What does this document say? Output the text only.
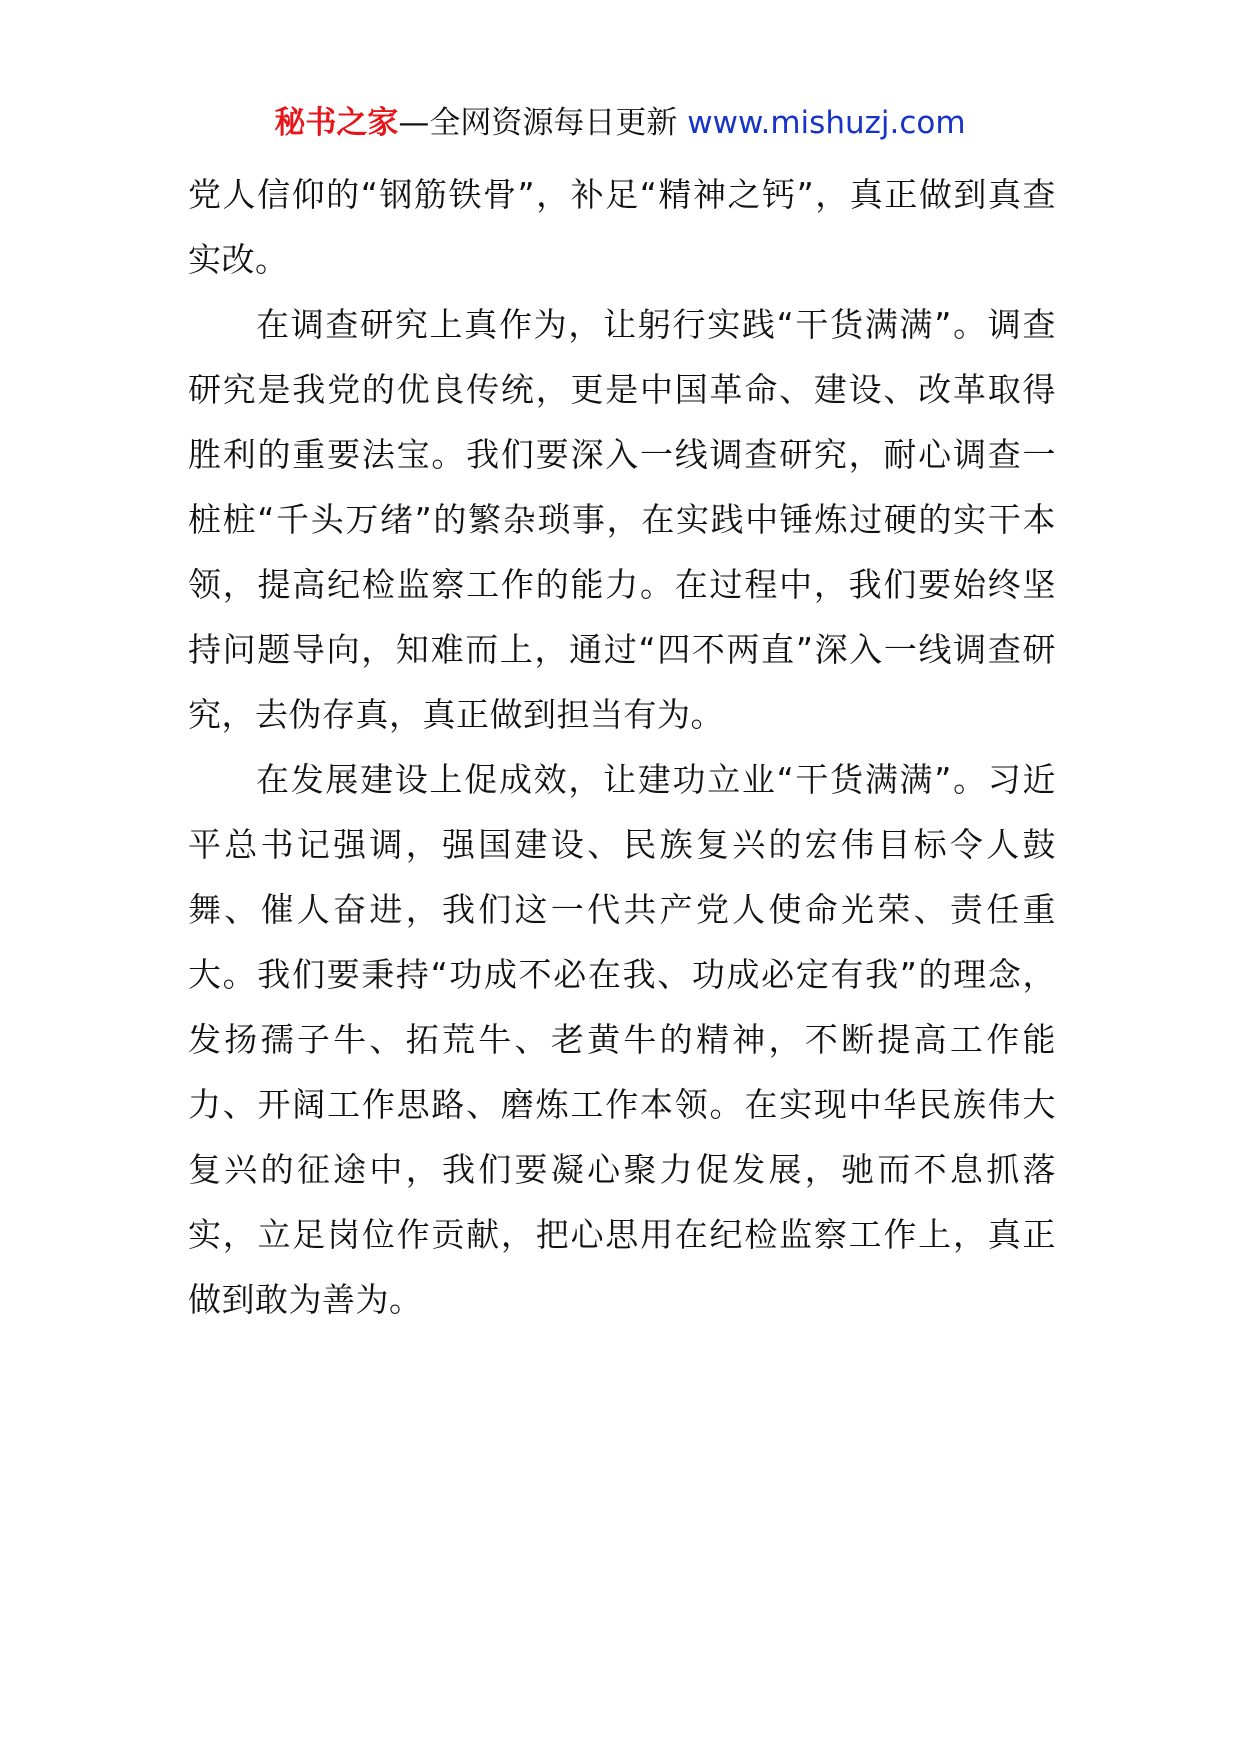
秘书之家—全网资源每日更新 www.mishuzj.com

党人信仰的“钢筋铁骨”，补足“精神之钙”，真正做到真查实改。

在调查研究上真作为，让躬行实践“干货满满”。调查研究是我党的优良传统，更是中国革命、建设、改革取得胜利的重要法宝。我们要深入一线调查研究，耐心调查一桩桩“千头万绪”的繁杂琐事，在实践中锤炼过硬的实干本领，提高纪检监察工作的能力。在过程中，我们要始终坚持问题导向，知难而上，通过“四不两直”深入一线调查研究，去伪存真，真正做到担当有为。

在发展建设上促成效，让建功立业“干货满满”。习近平总书记强调，强国建设、民族复兴的宏伟目标令人鼓舞、催人奋进，我们这一代共产党人使命光荣、责任重大。我们要秉持“功成不必在我、功成必定有我”的理念，发扬孺子牛、拓荒牛、老黄牛的精神，不断提高工作能力、开阔工作思路、磨炼工作本领。在实现中华民族伟大复兴的征途中，我们要凝心聚力促发展，驰而不息抓落实，立足岗位作贡献，把心思用在纪检监察工作上，真正做到敢为善为。
